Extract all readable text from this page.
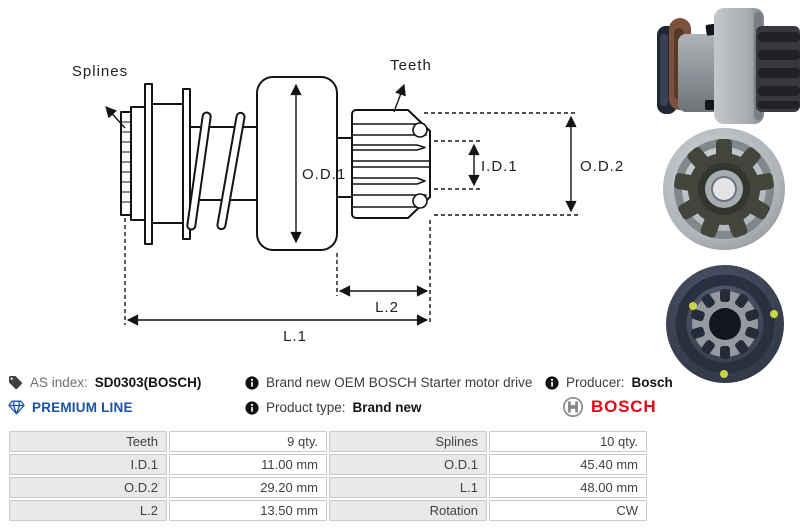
Splines	Teeth
O.D.1	I.D.1	O.D.2
L.2
L.1
AS index: SD0303(BOSCH)
PREMIUM LINE
Brand new OEM BOSCH Starter motor drive
Product type: Brand new
Producer: Bosch
BOSCH
Teeth	9 qty.	Splines	10 qty.
I.D.1	11.00 mm	O.D.1	45.40 mm
O.D.2	29.20 mm	L.1	48.00 mm
L.2	13.50 mm	Rotation	CW
